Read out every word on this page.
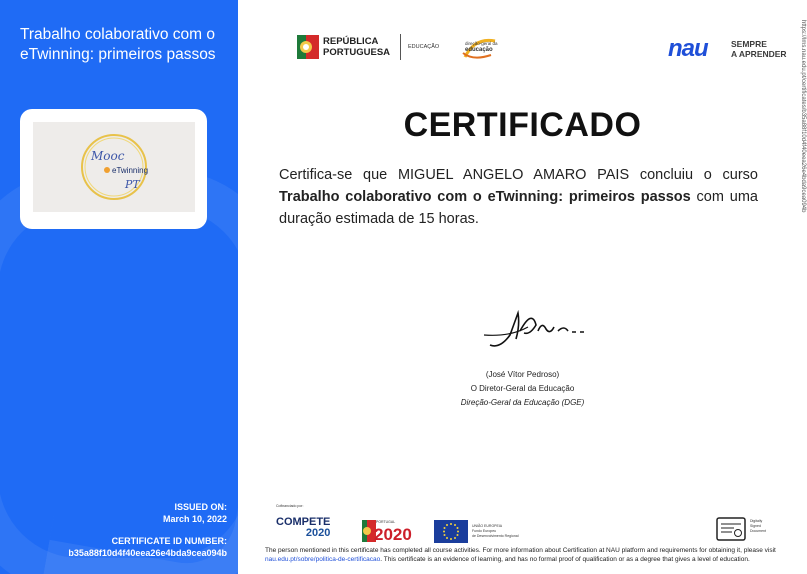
Trabalho colaborativo com o eTwinning: primeiros passos
Mooc
eTwinning
PT
ISSUED ON:
March 10, 2022
CERTIFICATE ID NUMBER:
b35a88f10d4f40eea26e4bda9cea094b
REPÚBLICA
PORTUGUESA	EDUCAÇÃO
direção-geral da
educação	nau	SEMPRE
A APRENDER https://lms.nau.edu.pt/certificates/b35a88f10d4f40eea26e4bda9cea094b
CERTIFICADO
Certifica-se que MIGUEL ANGELO AMARO PAIS concluiu o curso Trabalho colaborativo com o eTwinning: primeiros passos com uma duração estimada de 15 horas.
(José Vítor Pedroso)
O Diretor-Geral da Educação
Direção-Geral da Educação (DGE)
Cofinanciado por:
COMPETE
2020
PORTUGAL
2020	UNIÃO EUROPEIA
Fundo Europeu
de Desenvolvimento Regional
Digitally
Signed
Document
The person mentioned in this certificate has completed all course activities. For more information about Certification at NAU platform and requirements for obtaining it, please visit nau.edu.pt/sobre/politica-de-certificacao. This certificate is an evidence of learning, and has no formal proof of qualification or as a degree that gives a level of education.
